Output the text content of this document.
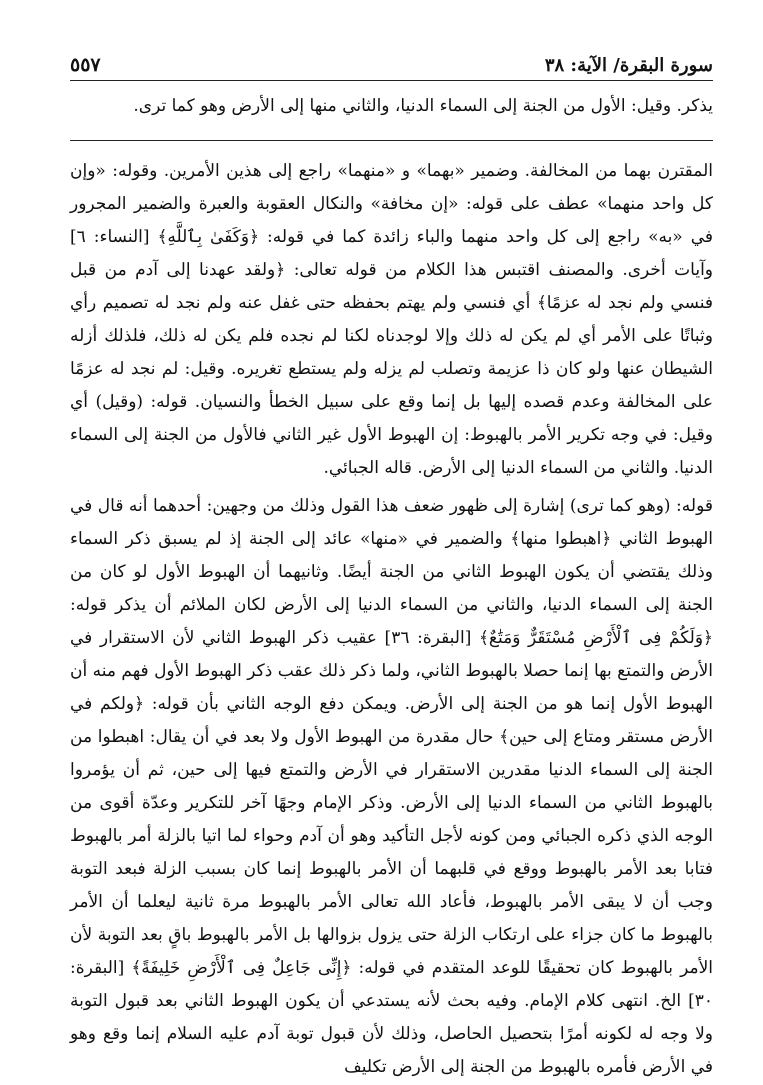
٥٥٧	سورة البقرة/ الآية: ٣٨

يذكر. وقيل: الأول من الجنة إلى السماء الدنيا، والثاني منها إلى الأرض وهو كما ترى.

المقترن بهما من المخالفة. وضمير «بهما» و «منهما» راجع إلى هذين الأمرين. وقوله: «وإن كل واحد منهما» عطف على قوله: «إن مخافة» والنكال العقوبة والعبرة والضمير المجرور في «به» راجع إلى كل واحد منهما والباء زائدة كما في قوله: ﴿وَكَفَىٰ بِٱللَّهِ﴾ [النساء: ٦] وآيات أخرى. والمصنف اقتبس هذا الكلام من قوله تعالى: ﴿ولقد عهدنا إلى آدم من قبل فنسي ولم نجد له عزمًا﴾ أي فنسي ولم يهتم بحفظه حتى غفل عنه ولم نجد له تصميم رأي وثباتًا على الأمر أي لم يكن له ذلك وإلا لوجدناه لكنا لم نجده فلم يكن له ذلك، فلذلك أزله الشيطان عنها ولو كان ذا عزيمة وتصلب لم يزله ولم يستطع تغريره. وقيل: لم نجد له عزمًا على المخالفة وعدم قصده إليها بل إنما وقع على سبيل الخطأ والنسيان. قوله: (وقيل) أي وقيل: في وجه تكرير الأمر بالهبوط: إن الهبوط الأول غير الثاني فالأول من الجنة إلى السماء الدنيا. والثاني من السماء الدنيا إلى الأرض. قاله الجبائي.

قوله: (وهو كما ترى) إشارة إلى ظهور ضعف هذا القول وذلك من وجهين: أحدهما أنه قال في الهبوط الثاني ﴿اهبطوا منها﴾ والضمير في «منها» عائد إلى الجنة إذ لم يسبق ذكر السماء وذلك يقتضي أن يكون الهبوط الثاني من الجنة أيضًا. وثانيهما أن الهبوط الأول لو كان من الجنة إلى السماء الدنيا، والثاني من السماء الدنيا إلى الأرض لكان الملائم أن يذكر قوله: ﴿وَلَكُمْ فِى ٱلْأَرْضِ مُسْتَقَرٌّ وَمَتَٰعٌ﴾ [البقرة: ٣٦] عقيب ذكر الهبوط الثاني لأن الاستقرار في الأرض والتمتع بها إنما حصلا بالهبوط الثاني، ولما ذكر ذلك عقب ذكر الهبوط الأول فهم منه أن الهبوط الأول إنما هو من الجنة إلى الأرض. ويمكن دفع الوجه الثاني بأن قوله: ﴿ولكم في الأرض مستقر ومتاع إلى حين﴾ حال مقدرة من الهبوط الأول ولا بعد في أن يقال: اهبطوا من الجنة إلى السماء الدنيا مقدرين الاستقرار في الأرض والتمتع فيها إلى حين، ثم أن يؤمروا بالهبوط الثاني من السماء الدنيا إلى الأرض. وذكر الإمام وجهًا آخر للتكرير وعدّة أقوى من الوجه الذي ذكره الجبائي ومن كونه لأجل التأكيد وهو أن آدم وحواء لما اتيا بالزلة أمر بالهبوط فتابا بعد الأمر بالهبوط ووقع في قلبهما أن الأمر بالهبوط إنما كان بسبب الزلة فبعد التوبة وجب أن لا يبقى الأمر بالهبوط، فأعاد الله تعالى الأمر بالهبوط مرة ثانية ليعلما أن الأمر بالهبوط ما كان جزاء على ارتكاب الزلة حتى يزول بزوالها بل الأمر بالهبوط باقٍ بعد التوبة لأن الأمر بالهبوط كان تحقيقًا للوعد المتقدم في قوله: ﴿إِنِّى جَاعِلٌ فِى ٱلْأَرْضِ خَلِيفَةً﴾ [البقرة: ٣٠] الخ. انتهى كلام الإمام. وفيه بحث لأنه يستدعي أن يكون الهبوط الثاني بعد قبول التوبة ولا وجه له لكونه أمرًا بتحصيل الحاصل، وذلك لأن قبول توبة آدم عليه السلام إنما وقع وهو في الأرض فأمره بالهبوط من الجنة إلى الأرض تكليف
